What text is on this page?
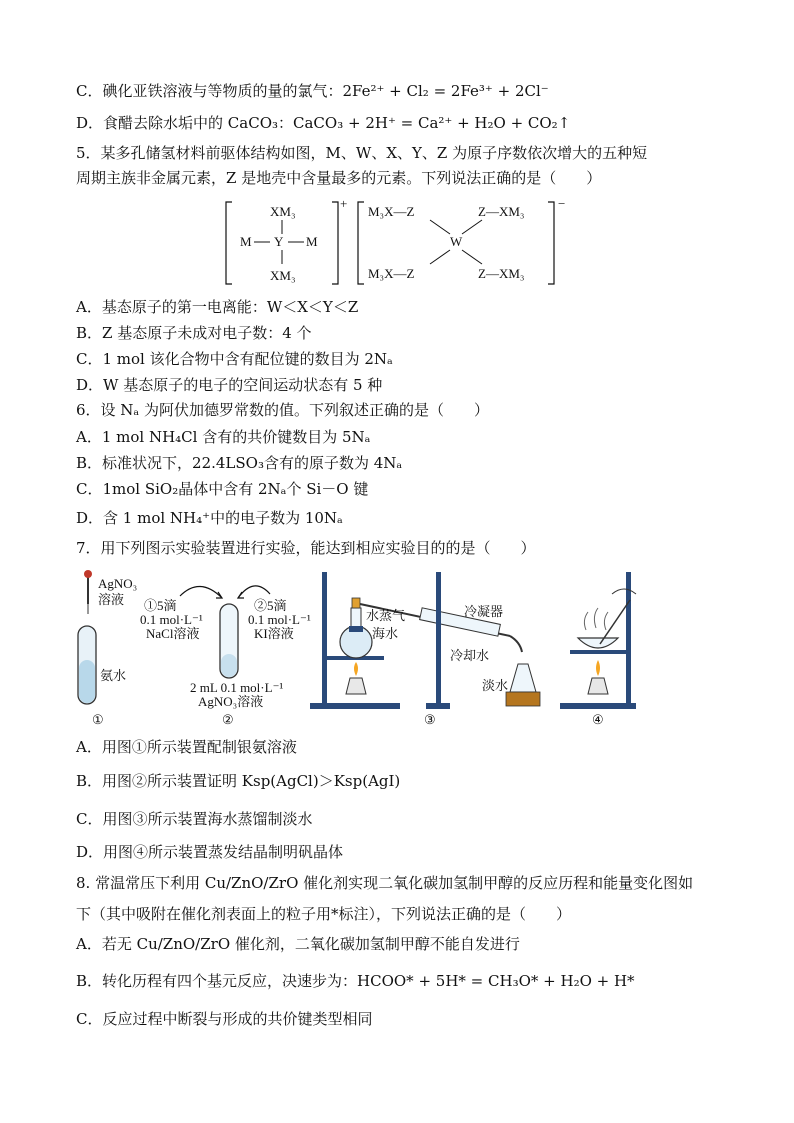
C．碘化亚铁溶液与等物质的量的氯气：2Fe²⁺ + Cl₂ = 2Fe³⁺ + 2Cl⁻
D．食醋去除水垢中的 CaCO₃：CaCO₃ + 2H⁺ = Ca²⁺ + H₂O + CO₂↑
5．某多孔储氢材料前驱体结构如图，M、W、X、Y、Z 为原子序数依次增大的五种短
周期主族非金属元素，Z 是地壳中含量最多的元素。下列说法正确的是（　　）
XM₃
M Y M
XM₃
+
M₃X—Z	Z—XM₃
W
M₃X—Z	Z—XM₃
−
A．基态原子的第一电离能：W＜X＜Y＜Z
B．Z 基态原子未成对电子数：4 个
C．1 mol 该化合物中含有配位键的数目为 2Nₐ
D．W 基态原子的电子的空间运动状态有 5 种
6．设 Nₐ 为阿伏加德罗常数的值。下列叙述正确的是（　　）
A．1 mol NH₄Cl 含有的共价键数目为 5Nₐ
B．标准状况下，22.4LSO₃含有的原子数为 4Nₐ
C．1mol SiO₂晶体中含有 2Nₐ个 Si－O 键
D．含 1 mol NH₄⁺中的电子数为 10Nₐ
7．用下列图示实验装置进行实验，能达到相应实验目的的是（　　）
AgNO₃
溶液
氨水
①
①5滴
0.1 mol·L⁻¹
NaCl溶液
②5滴
0.1 mol·L⁻¹
KI溶液
2 mL 0.1 mol·L⁻¹
AgNO₃溶液
②
水蒸气
海水
冷凝器
冷却水
淡水
③	④
A．用图①所示装置配制银氨溶液
B．用图②所示装置证明 Ksp(AgCl)＞Ksp(AgI)
C．用图③所示装置海水蒸馏制淡水
D．用图④所示装置蒸发结晶制明矾晶体
8. 常温常压下利用 Cu/ZnO/ZrO 催化剂实现二氧化碳加氢制甲醇的反应历程和能量变化图如
下（其中吸附在催化剂表面上的粒子用*标注），下列说法正确的是（　　）
A．若无 Cu/ZnO/ZrO 催化剂，二氧化碳加氢制甲醇不能自发进行
B．转化历程有四个基元反应，决速步为：HCOO* + 5H* = CH₃O* + H₂O + H*
C．反应过程中断裂与形成的共价键类型相同
